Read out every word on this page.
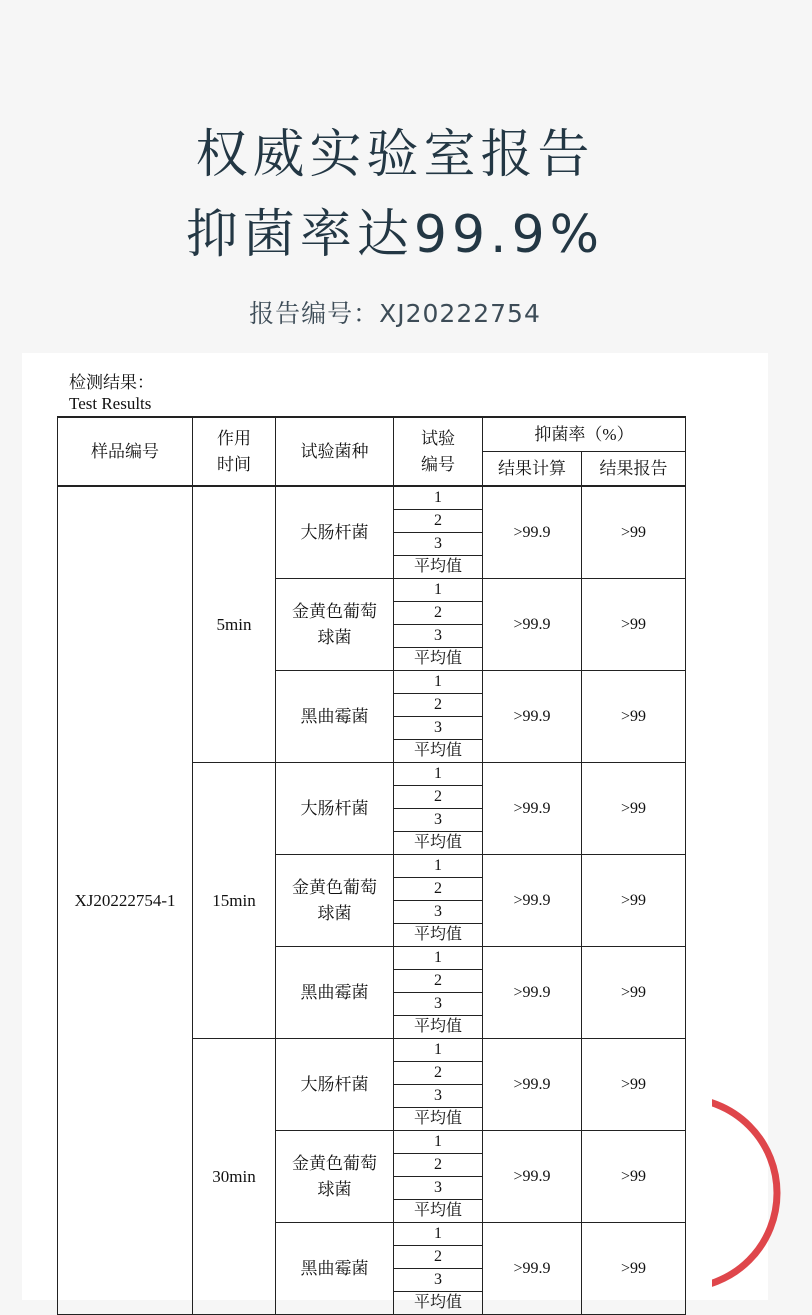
权威实验室报告
抑菌率达99.9%
报告编号：XJ20222754
检测结果：
Test Results
样品编号	作用时间	试验菌种	试验编号	抑菌率（%）	
				结果计算	结果报告
XJ20222754-1	5min	大肠杆菌	1	>99.9	>99
			2		
			3		
			平均值		
		金黄色葡萄球菌	1	>99.9	>99
			2		
			3		
			平均值		
		黑曲霉菌	1	>99.9	>99
			2		
			3		
			平均值		
	15min	大肠杆菌	1	>99.9	>99
			2		
			3		
			平均值		
		金黄色葡萄球菌	1	>99.9	>99
			2		
			3		
			平均值		
		黑曲霉菌	1	>99.9	>99
			2		
			3		
			平均值		
	30min	大肠杆菌	1	>99.9	>99
			2		
			3		
			平均值		
		金黄色葡萄球菌	1	>99.9	>99
			2		
			3		
			平均值		
		黑曲霉菌	1	>99.9	>99
			2		
			3		
			平均值		
